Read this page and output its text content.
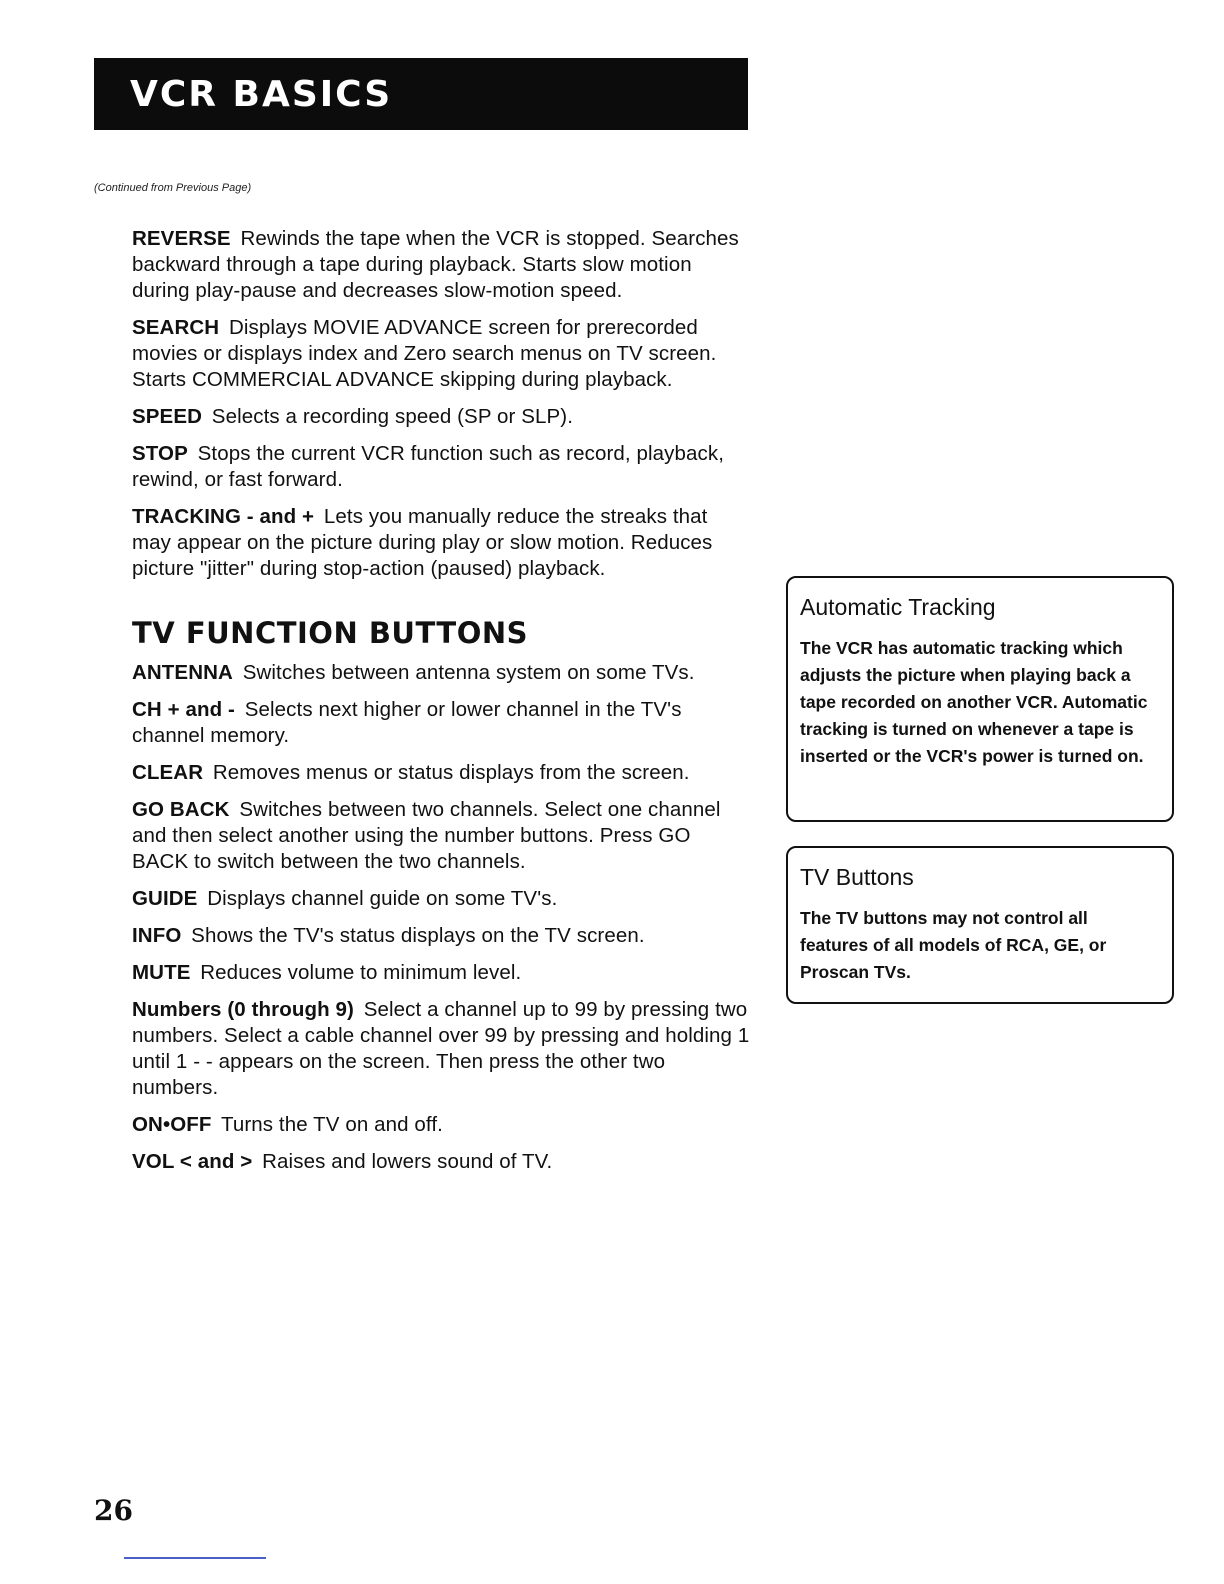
VCR BASICS
(Continued from Previous Page)

REVERSE Rewinds the tape when the VCR is stopped. Searches backward through a tape during playback. Starts slow motion during play-pause and decreases slow-motion speed.

SEARCH Displays MOVIE ADVANCE screen for prerecorded movies or displays index and Zero search menus on TV screen. Starts COMMERCIAL ADVANCE skipping during playback.

SPEED Selects a recording speed (SP or SLP).

STOP Stops the current VCR function such as record, playback, rewind, or fast forward.

TRACKING - and + Lets you manually reduce the streaks that may appear on the picture during play or slow motion. Reduces picture "jitter" during stop-action (paused) playback.

TV FUNCTION BUTTONS

ANTENNA Switches between antenna system on some TVs.

CH + and - Selects next higher or lower channel in the TV's channel memory.

CLEAR Removes menus or status displays from the screen.

GO BACK Switches between two channels. Select one channel and then select another using the number buttons. Press GO BACK to switch between the two channels.

GUIDE Displays channel guide on some TV's.

INFO Shows the TV's status displays on the TV screen.

MUTE Reduces volume to minimum level.

Numbers (0 through 9) Select a channel up to 99 by pressing two numbers. Select a cable channel over 99 by pressing and holding 1 until 1 - - appears on the screen. Then press the other two numbers.

ON•OFF Turns the TV on and off.

VOL < and > Raises and lowers sound of TV.

Automatic Tracking
The VCR has automatic tracking which adjusts the picture when playing back a tape recorded on another VCR. Automatic tracking is turned on whenever a tape is inserted or the VCR's power is turned on.
TV Buttons
The TV buttons may not control all features of all models of RCA, GE, or Proscan TVs.
26
